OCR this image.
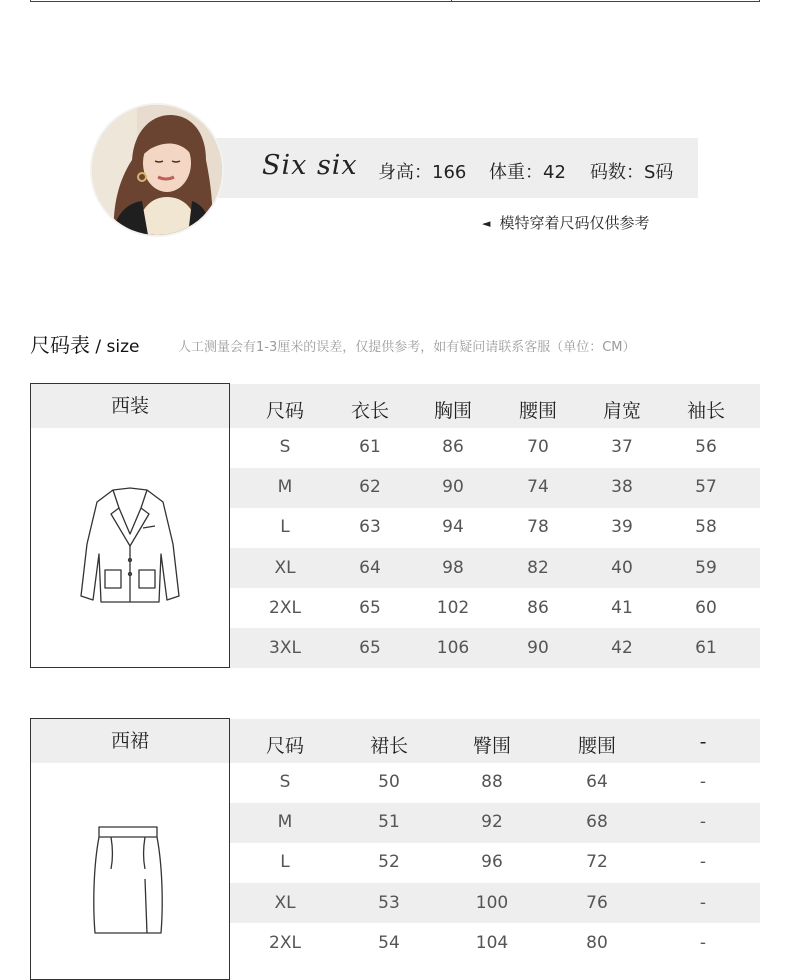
Six six 身高：166 体重：42 码数：S码
◄ 模特穿着尺码仅供参考
尺码表 / size	人工测量会有1-3厘米的误差，仅提供参考，如有疑问请联系客服（单位：CM）
西装	尺码 衣长 胸围 腰围 肩宽 袖长
S	61	86	70	37	56
M	62	90	74	38	57
L	63	94	78	39	58
XL	64	98	82	40	59
2XL	65	102	86	41	60
3XL	65	106	90	42	61
西裙	尺码	裙长	臀围	腰围	-
S	50	88	64	-
M	51	92	68	-
L	52	96	72	-
XL	53	100	76	-
2XL	54	104	80	-
